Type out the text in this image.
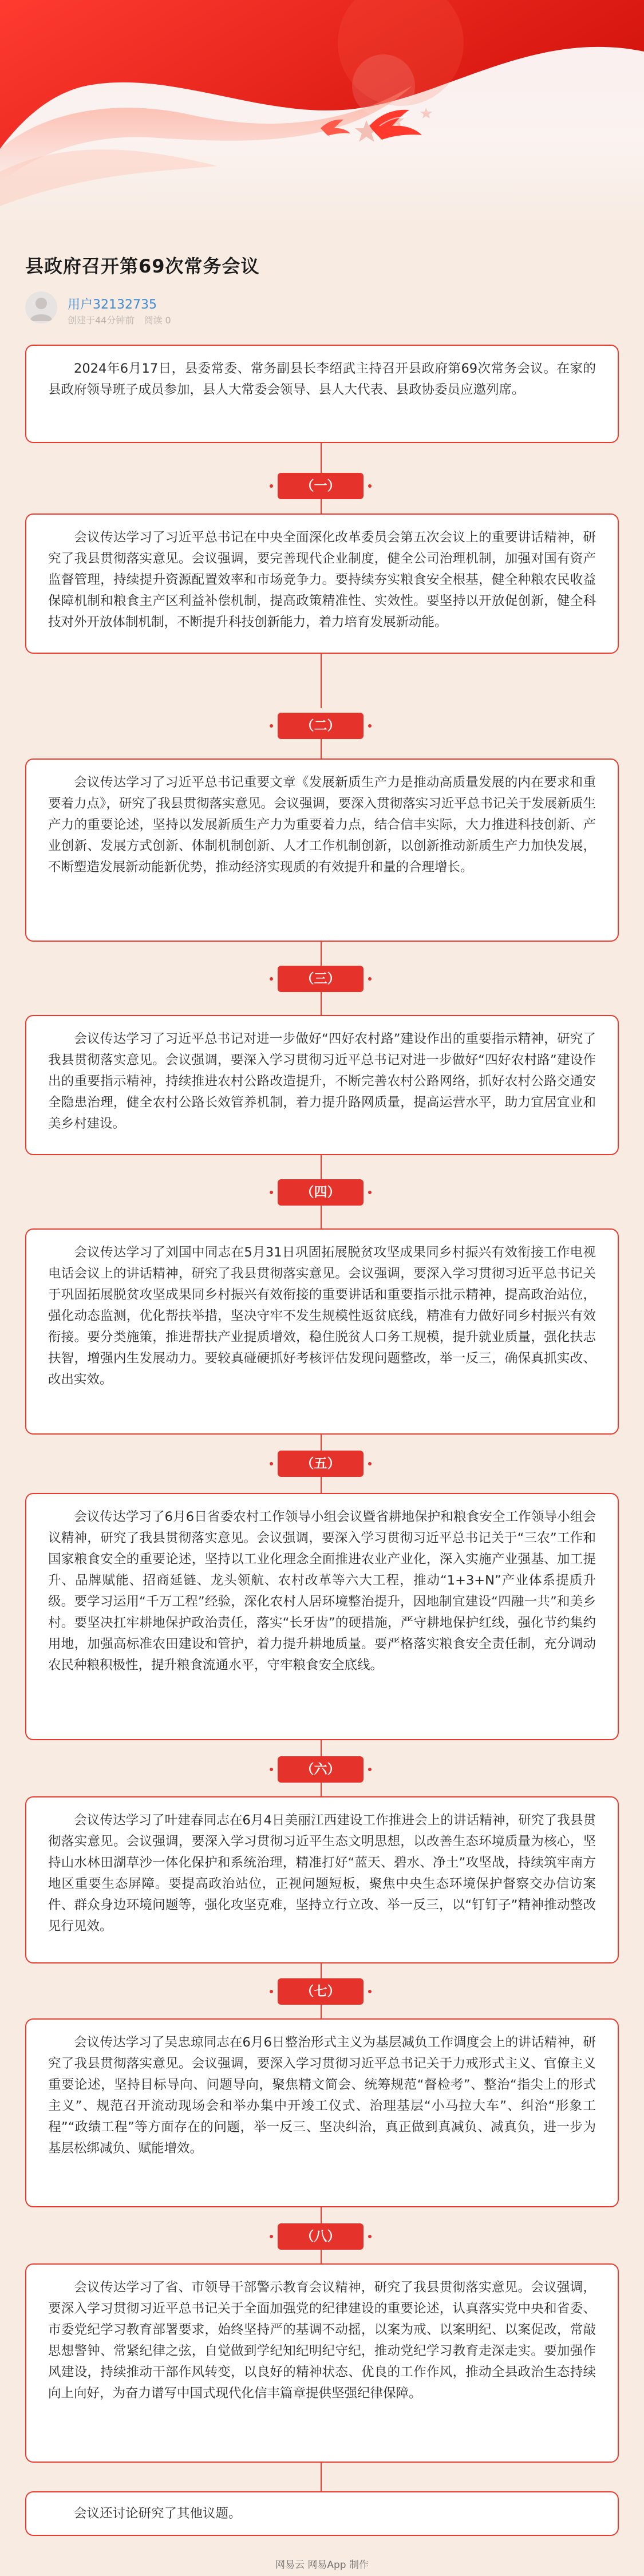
县政府召开第69次常务会议
用户32132735
创建于44分钟前 阅读 0
2024年6月17日，县委常委、常务副县长李绍武主持召开县政府第69次常务会议。在家的县政府领导班子成员参加，县人大常委会领导、县人大代表、县政协委员应邀列席。
（一）
会议传达学习了习近平总书记在中央全面深化改革委员会第五次会议上的重要讲话精神，研究了我县贯彻落实意见。会议强调，要完善现代企业制度，健全公司治理机制，加强对国有资产监督管理，持续提升资源配置效率和市场竞争力。要持续夯实粮食安全根基，健全种粮农民收益保障机制和粮食主产区利益补偿机制，提高政策精准性、实效性。要坚持以开放促创新，健全科技对外开放体制机制，不断提升科技创新能力，着力培育发展新动能。
（二）
会议传达学习了习近平总书记重要文章《发展新质生产力是推动高质量发展的内在要求和重要着力点》，研究了我县贯彻落实意见。会议强调，要深入贯彻落实习近平总书记关于发展新质生产力的重要论述，坚持以发展新质生产力为重要着力点，结合信丰实际，大力推进科技创新、产业创新、发展方式创新、体制机制创新、人才工作机制创新，以创新推动新质生产力加快发展，不断塑造发展新动能新优势，推动经济实现质的有效提升和量的合理增长。
（三）
会议传达学习了习近平总书记对进一步做好“四好农村路”建设作出的重要指示精神，研究了我县贯彻落实意见。会议强调，要深入学习贯彻习近平总书记对进一步做好“四好农村路”建设作出的重要指示精神，持续推进农村公路改造提升，不断完善农村公路网络，抓好农村公路交通安全隐患治理，健全农村公路长效管养机制，着力提升路网质量，提高运营水平，助力宜居宜业和美乡村建设。
（四）
会议传达学习了刘国中同志在5月31日巩固拓展脱贫攻坚成果同乡村振兴有效衔接工作电视电话会议上的讲话精神，研究了我县贯彻落实意见。会议强调，要深入学习贯彻习近平总书记关于巩固拓展脱贫攻坚成果同乡村振兴有效衔接的重要讲话和重要指示批示精神，提高政治站位，强化动态监测，优化帮扶举措，坚决守牢不发生规模性返贫底线，精准有力做好同乡村振兴有效衔接。要分类施策，推进帮扶产业提质增效，稳住脱贫人口务工规模，提升就业质量，强化扶志扶智，增强内生发展动力。要较真碰硬抓好考核评估发现问题整改，举一反三，确保真抓实改、改出实效。
（五）
会议传达学习了6月6日省委农村工作领导小组会议暨省耕地保护和粮食安全工作领导小组会议精神，研究了我县贯彻落实意见。会议强调，要深入学习贯彻习近平总书记关于“三农”工作和国家粮食安全的重要论述，坚持以工业化理念全面推进农业产业化，深入实施产业强基、加工提升、品牌赋能、招商延链、龙头领航、农村改革等六大工程，推动“1+3+N”产业体系提质升级。要学习运用“千万工程”经验，深化农村人居环境整治提升，因地制宜建设“四融一共”和美乡村。要坚决扛牢耕地保护政治责任，落实“长牙齿”的硬措施，严守耕地保护红线，强化节约集约用地，加强高标准农田建设和管护，着力提升耕地质量。要严格落实粮食安全责任制，充分调动农民种粮积极性，提升粮食流通水平，守牢粮食安全底线。
（六）
会议传达学习了叶建春同志在6月4日美丽江西建设工作推进会上的讲话精神，研究了我县贯彻落实意见。会议强调，要深入学习贯彻习近平生态文明思想，以改善生态环境质量为核心，坚持山水林田湖草沙一体化保护和系统治理，精准打好“蓝天、碧水、净土”攻坚战，持续筑牢南方地区重要生态屏障。要提高政治站位，正视问题短板，聚焦中央生态环境保护督察交办信访案件、群众身边环境问题等，强化攻坚克难，坚持立行立改、举一反三，以“钉钉子”精神推动整改见行见效。
（七）
会议传达学习了吴忠琼同志在6月6日整治形式主义为基层减负工作调度会上的讲话精神，研究了我县贯彻落实意见。会议强调，要深入学习贯彻习近平总书记关于力戒形式主义、官僚主义重要论述，坚持目标导向、问题导向，聚焦精文简会、统筹规范“督检考”、整治“指尖上的形式主义”、规范召开流动现场会和举办集中开竣工仪式、治理基层“小马拉大车”、纠治“形象工程”“政绩工程”等方面存在的问题，举一反三、坚决纠治，真正做到真减负、减真负，进一步为基层松绑减负、赋能增效。
（八）
会议传达学习了省、市领导干部警示教育会议精神，研究了我县贯彻落实意见。会议强调，要深入学习贯彻习近平总书记关于全面加强党的纪律建设的重要论述，认真落实党中央和省委、市委党纪学习教育部署要求，始终坚持严的基调不动摇，以案为戒、以案明纪、以案促改，常敲思想警钟、常紧纪律之弦，自觉做到学纪知纪明纪守纪，推动党纪学习教育走深走实。要加强作风建设，持续推动干部作风转变，以良好的精神状态、优良的工作作风，推动全县政治生态持续向上向好，为奋力谱写中国式现代化信丰篇章提供坚强纪律保障。
会议还讨论研究了其他议题。
网易云 网易App 制作
